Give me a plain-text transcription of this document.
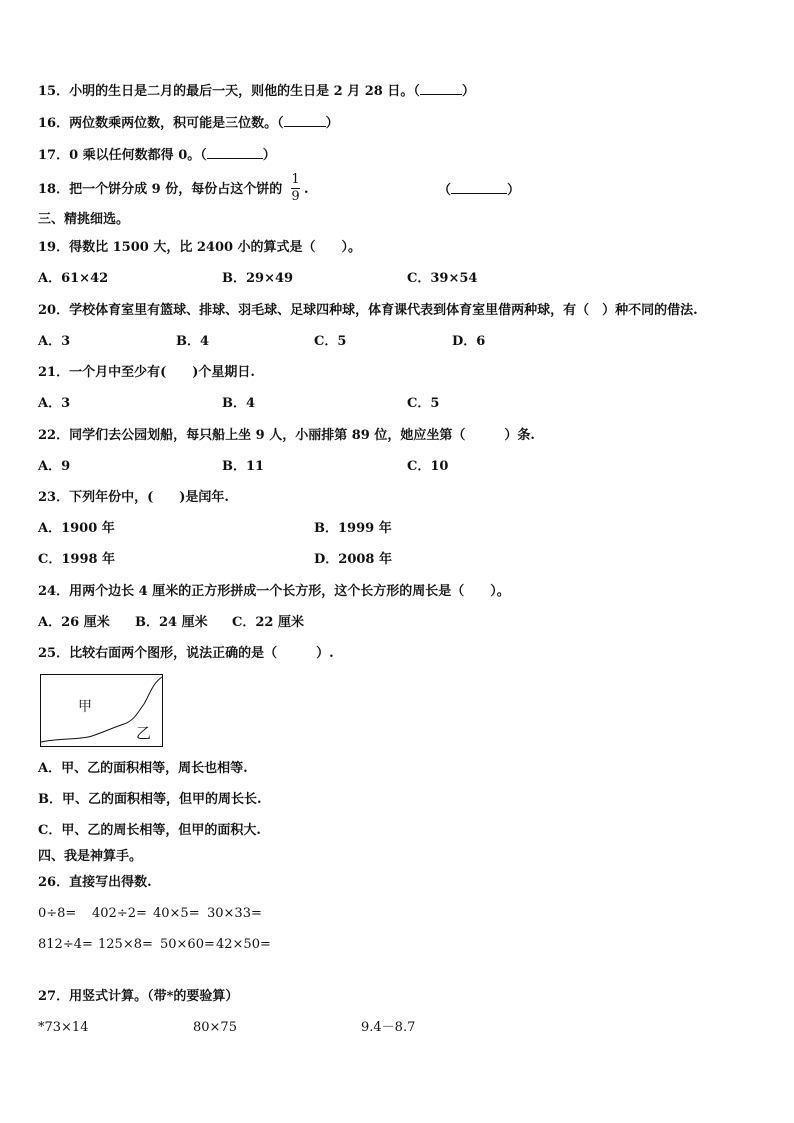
15．小明的生日是二月的最后一天，则他的生日是 2 月 28 日。（	）
16．两位数乘两位数，积可能是三位数。（	）
17．0 乘以任何数都得 0。（	）
18．把一个饼分成 9 份，每份占这个饼的
1
9 .	（	）
三、精挑细选。
19．得数比 1500 大，比 2400 小的算式是（　　）。
A．61×42	B．29×49	C．39×54
20．学校体育室里有篮球、排球、羽毛球、足球四种球，体育课代表到体育室里借两种球，有（　）种不同的借法.
A．3	B．4	C．5	D．6
21．一个月中至少有(　　)个星期日.
A．3	B．4	C．5
22．同学们去公园划船，每只船上坐 9 人，小丽排第 89 位，她应坐第（　　　）条.
A．9	B．11	C．10
23．下列年份中，(　　)是闰年.
A．1900 年	B．1999 年
C．1998 年	D．2008 年
24．用两个边长 4 厘米的正方形拼成一个长方形，这个长方形的周长是（　　）。
A．26 厘米 B．24 厘米 C．22 厘米
25．比较右面两个图形，说法正确的是（　　　）.
甲
乙
A．甲、乙的面积相等，周长也相等.
B．甲、乙的面积相等，但甲的周长长.
C．甲、乙的周长相等，但甲的面积大.
四、我是神算手。
26．直接写出得数.
0÷8= 402÷2= 40×5= 30×33=
812÷4= 125×8= 50×60= 42×50=
27．用竖式计算。（带*的要验算）
*73×14	80×75	9.4－8.7
